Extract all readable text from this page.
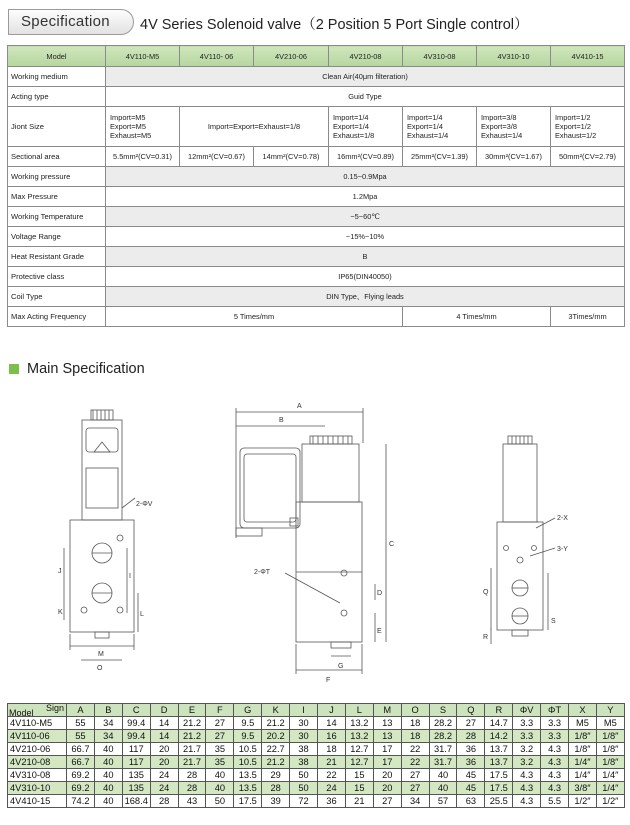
Specification	4V Series Solenoid valve（2 Position 5 Port Single control）
Model	4V110-M5	4V110- 06	4V210-06	4V210-08	4V310-08	4V310-10	4V410-15
Working medium	Clean Air(40μm filteration)						
Acting type	Guid Type						
Jiont Size	Import=M5
Export=M5
Exhaust=M5	Import=Export=Exhaust=1/8		Import=1/4
Export=1/4
Exhaust=1/8	Import=1/4
Export=1/4
Exhaust=1/4	Import=3/8
Export=3/8
Exhaust=1/4	Import=1/2
Export=1/2
Exhaust=1/2
Sectional area	5.5mm²(CV=0.31)	12mm²(CV=0.67)	14mm²(CV=0.78)	16mm²(CV=0.89)	25mm²(CV=1.39)	30mm²(CV=1.67)	50mm²(CV=2.79)
Working pressure	0.15~0.9Mpa						
Max Pressure	1.2Mpa						
Working Temperature	−5~60℃						
Voltage Range	−15%~10%						
Heat Resistant Grade	B						
Protective class	IP65(DIN40050)						
Coil Type	DIN Type、Flying leads						
Max Acting Frequency	5 Times/mm				4 Times/mm		3Times/mm
Main Specification
2-ΦV
J
I
K	L
M
O
A
B
2-ΦT
C
D
E
G
F
2-X
3-Y
Q
R
S
Sign
Model	A	B	C	D	E	F	G	K	I	J	L	M	O	S	Q	R	ΦV	ΦT	X	Y
4V110-M5	55	34	99.4	14	21.2	27	9.5	21.2	30	14	13.2	13	18	28.2	27	14.7	3.3	3.3	M5	M5
4V110-06	55	34	99.4	14	21.2	27	9.5	20.2	30	16	13.2	13	18	28.2	28	14.2	3.3	3.3	1/8″	1/8″
4V210-06	66.7	40	117	20	21.7	35	10.5	22.7	38	18	12.7	17	22	31.7	36	13.7	3.2	4.3	1/8″	1/8″
4V210-08	66.7	40	117	20	21.7	35	10.5	21.2	38	21	12.7	17	22	31.7	36	13.7	3.2	4.3	1/4″	1/8″
4V310-08	69.2	40	135	24	28	40	13.5	29	50	22	15	20	27	40	45	17.5	4.3	4.3	1/4″	1/4″
4V310-10	69.2	40	135	24	28	40	13.5	28	50	24	15	20	27	40	45	17.5	4.3	4.3	3/8″	1/4″
4V410-15	74.2	40	168.4	28	43	50	17.5	39	72	36	21	27	34	57	63	25.5	4.3	5.5	1/2″	1/2″
